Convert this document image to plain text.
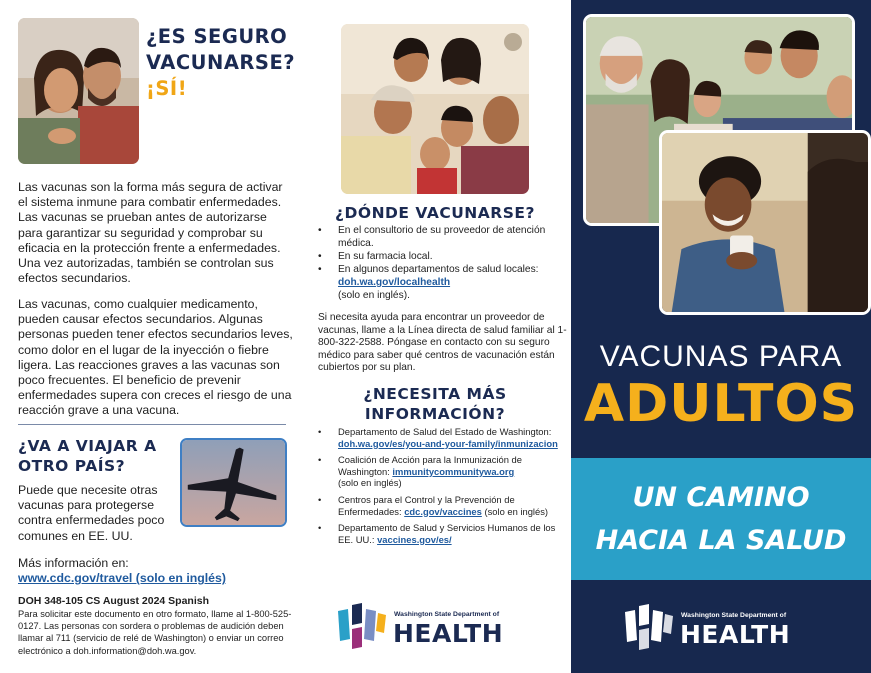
¿ES SEGURO
VACUNARSE?
¡SÍ!

Las vacunas son la forma más segura de activar el sistema inmune para combatir enfermedades. Las vacunas se prueban antes de autorizarse para garantizar su seguridad y comprobar su eficacia en la protección frente a enfermedades. Una vez autorizadas, también se controlan sus efectos secundarios.

Las vacunas, como cualquier medicamento, pueden causar efectos secundarios. Algunas personas pueden tener efectos secundarios leves, como dolor en el lugar de la inyección o fiebre ligera. Las reacciones graves a las vacunas son poco frecuentes. El beneficio de prevenir enfermedades supera con creces el riesgo de una reacción grave a una vacuna.

¿VA A VIAJAR A
OTRO PAÍS?

Puede que necesite otras vacunas para protegerse contra enfermedades poco comunes en EE. UU.

Más información en:
www.cdc.gov/travel (solo en inglés)
DOH 348-105 CS August 2024 Spanish

Para solicitar este documento en otro formato, llame al 1-800-525-0127. Las personas con sordera o problemas de audición deben llamar al 711 (servicio de relé de Washington) o enviar un correo electrónico a doh.information@doh.wa.gov.

¿DÓNDE VACUNARSE?
• En el consultorio de su proveedor de atención médica.
• En su farmacia local.
• En algunos departamentos de salud locales: doh.wa.gov/localhealth
(solo en inglés).

Si necesita ayuda para encontrar un proveedor de vacunas, llame a la Línea directa de salud familiar al 1-800-322-2588. Póngase en contacto con su seguro médico para saber qué centros de vacunación están cubiertos por su plan.

¿NECESITA MÁS
INFORMACIÓN?
• Departamento de Salud del Estado de Washington:
doh.wa.gov/es/you-and-your-family/inmunizacion
• Coalición de Acción para la Inmunización de Washington: immunitycommunitywa.org
(solo en inglés)
• Centros para el Control y la Prevención de Enfermedades: cdc.gov/vaccines (solo en inglés)
• Departamento de Salud y Servicios Humanos de los EE. UU.: vaccines.gov/es/
Washington State Department of
HEALTH
VACUNAS PARA
ADULTOS
UN CAMINO
HACIA LA SALUD
Washington State Department of
HEALTH
